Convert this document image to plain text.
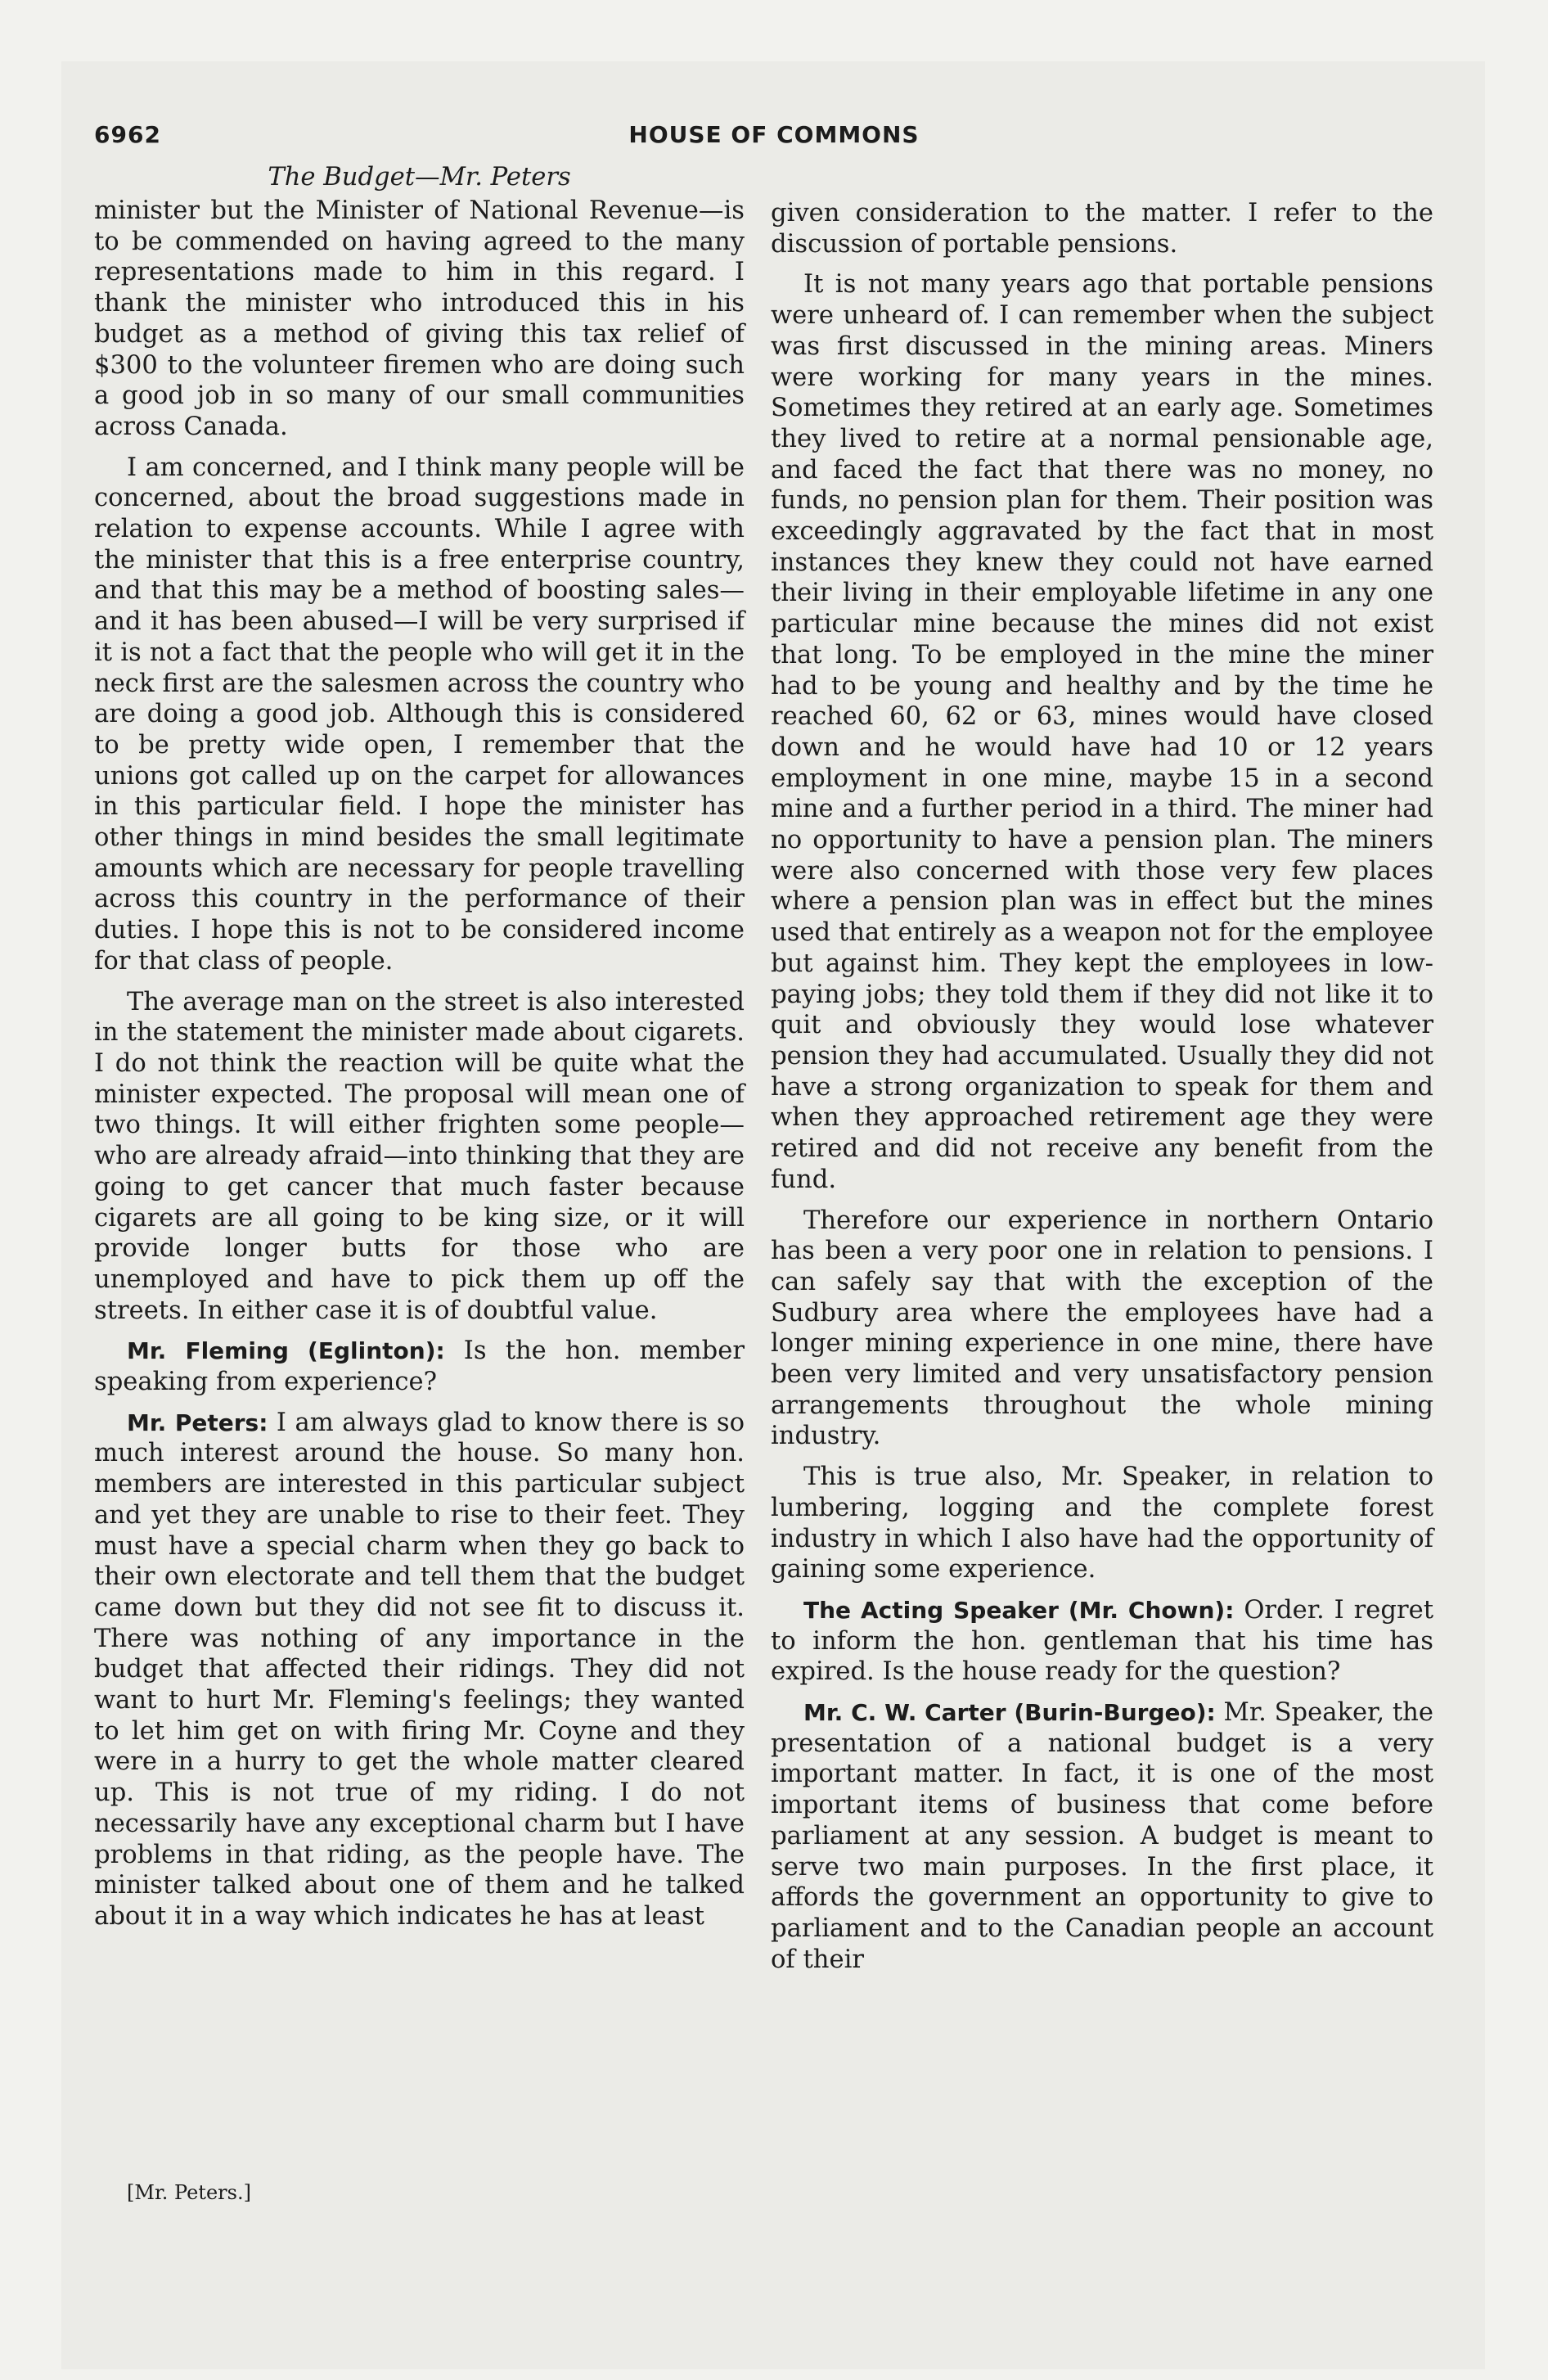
6962	HOUSE OF COMMONS

The Budget—Mr. Peters

minister but the Minister of National Revenue—is to be commended on having agreed to the many representations made to him in this regard. I thank the minister who introduced this in his budget as a method of giving this tax relief of $300 to the volunteer firemen who are doing such a good job in so many of our small communities across Canada.

I am concerned, and I think many people will be concerned, about the broad suggestions made in relation to expense accounts. While I agree with the minister that this is a free enterprise country, and that this may be a method of boosting sales—and it has been abused—I will be very surprised if it is not a fact that the people who will get it in the neck first are the salesmen across the country who are doing a good job. Although this is considered to be pretty wide open, I remember that the unions got called up on the carpet for allowances in this particular field. I hope the minister has other things in mind besides the small legitimate amounts which are necessary for people travelling across this country in the performance of their duties. I hope this is not to be considered income for that class of people.

The average man on the street is also interested in the statement the minister made about cigarets. I do not think the reaction will be quite what the minister expected. The proposal will mean one of two things. It will either frighten some people—who are already afraid—into thinking that they are going to get cancer that much faster because cigarets are all going to be king size, or it will provide longer butts for those who are unemployed and have to pick them up off the streets. In either case it is of doubtful value.

Mr. Fleming (Eglinton): Is the hon. member speaking from experience?

Mr. Peters: I am always glad to know there is so much interest around the house. So many hon. members are interested in this particular subject and yet they are unable to rise to their feet. They must have a special charm when they go back to their own electorate and tell them that the budget came down but they did not see fit to discuss it. There was nothing of any importance in the budget that affected their ridings. They did not want to hurt Mr. Fleming's feelings; they wanted to let him get on with firing Mr. Coyne and they were in a hurry to get the whole matter cleared up. This is not true of my riding. I do not necessarily have any exceptional charm but I have problems in that riding, as the people have. The minister talked about one of them and he talked about it in a way which indicates he has at least

given consideration to the matter. I refer to the discussion of portable pensions.

It is not many years ago that portable pensions were unheard of. I can remember when the subject was first discussed in the mining areas. Miners were working for many years in the mines. Sometimes they retired at an early age. Sometimes they lived to retire at a normal pensionable age, and faced the fact that there was no money, no funds, no pension plan for them. Their position was exceedingly aggravated by the fact that in most instances they knew they could not have earned their living in their employable lifetime in any one particular mine because the mines did not exist that long. To be employed in the mine the miner had to be young and healthy and by the time he reached 60, 62 or 63, mines would have closed down and he would have had 10 or 12 years employment in one mine, maybe 15 in a second mine and a further period in a third. The miner had no opportunity to have a pension plan. The miners were also concerned with those very few places where a pension plan was in effect but the mines used that entirely as a weapon not for the employee but against him. They kept the employees in low-paying jobs; they told them if they did not like it to quit and obviously they would lose whatever pension they had accumulated. Usually they did not have a strong organization to speak for them and when they approached retirement age they were retired and did not receive any benefit from the fund.

Therefore our experience in northern Ontario has been a very poor one in relation to pensions. I can safely say that with the exception of the Sudbury area where the employees have had a longer mining experience in one mine, there have been very limited and very unsatisfactory pension arrangements throughout the whole mining industry.

This is true also, Mr. Speaker, in relation to lumbering, logging and the complete forest industry in which I also have had the opportunity of gaining some experience.

The Acting Speaker (Mr. Chown): Order. I regret to inform the hon. gentleman that his time has expired. Is the house ready for the question?

Mr. C. W. Carter (Burin-Burgeo): Mr. Speaker, the presentation of a national budget is a very important matter. In fact, it is one of the most important items of business that come before parliament at any session. A budget is meant to serve two main purposes. In the first place, it affords the government an opportunity to give to parliament and to the Canadian people an account of their

[Mr. Peters.]
